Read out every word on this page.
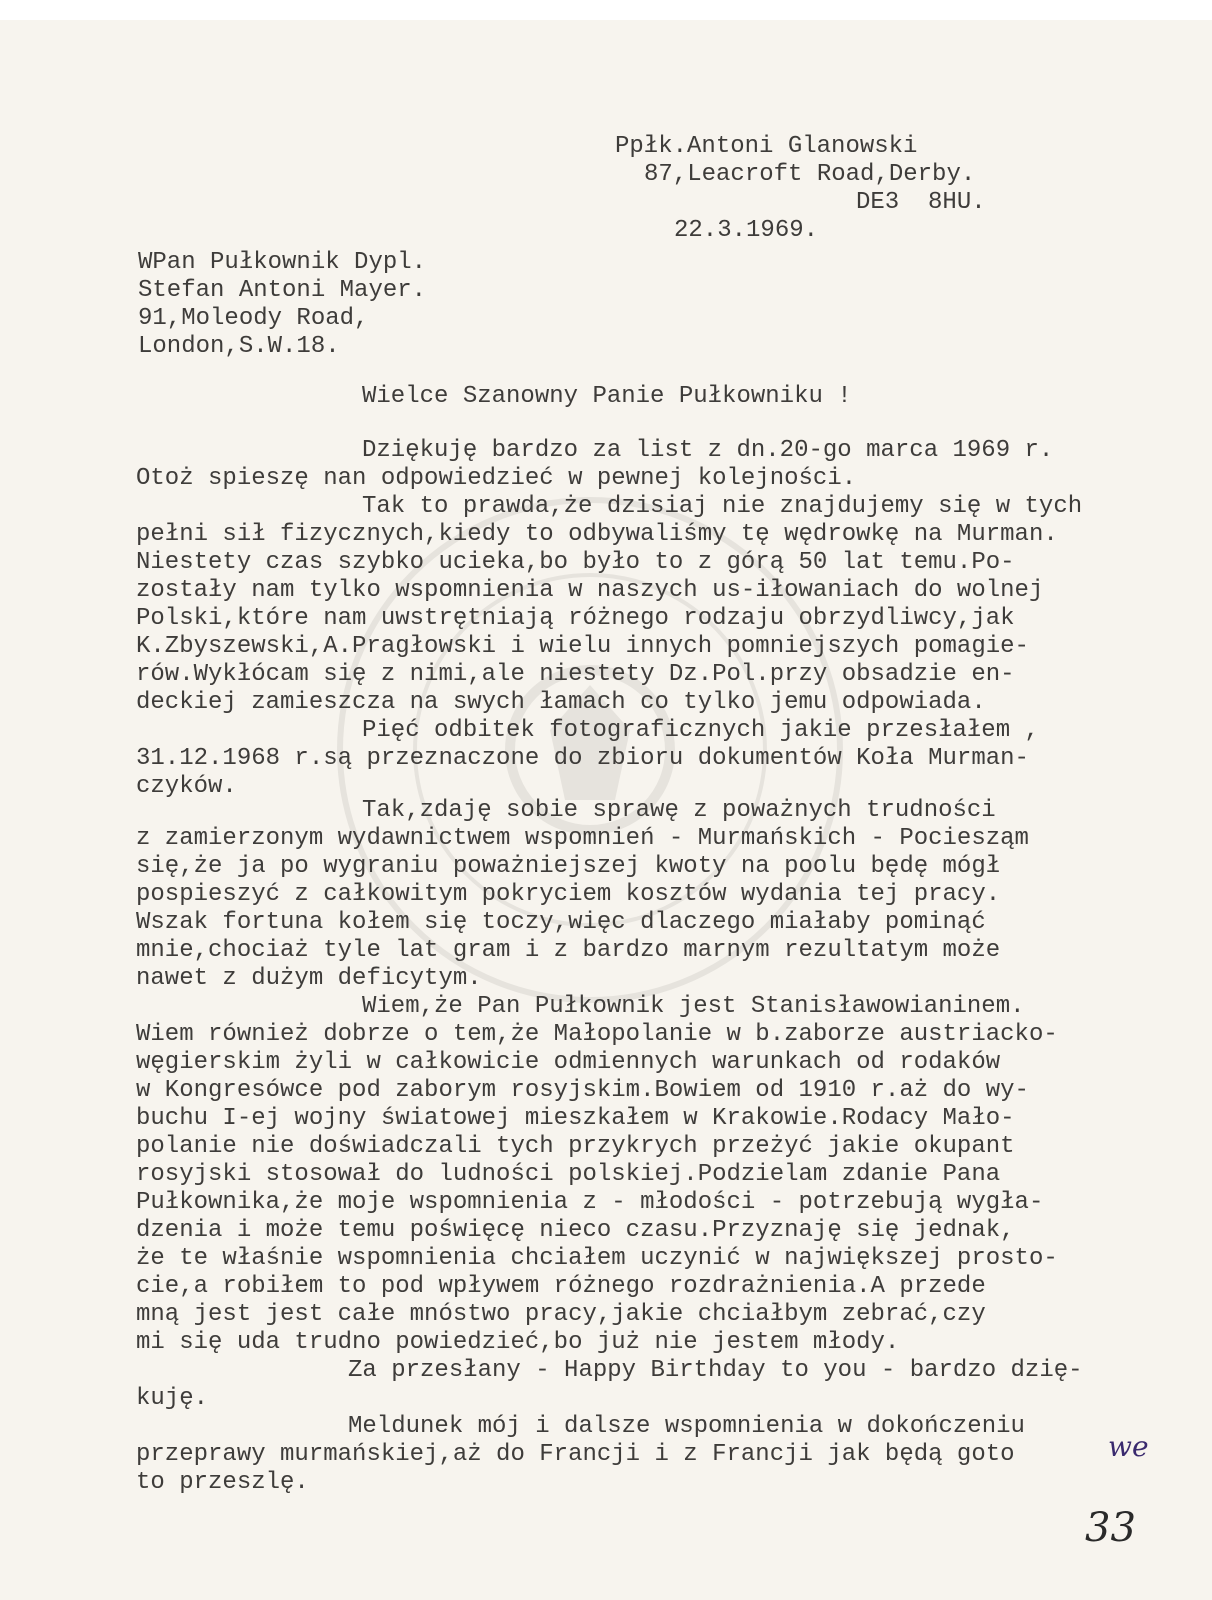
Ppłk.Antoni Glanowski
87,Leacroft Road,Derby.
DE3  8HU.
22.3.1969.
WPan Pułkownik Dypl.
Stefan Antoni Mayer.
91,Moleody Road,
London,S.W.18.
Wielce Szanowny Panie Pułkowniku !
Dziękuję bardzo za list z dn.20-go marca 1969 r.
Otoż spieszę nan odpowiedzieć w pewnej kolejności.
Tak to prawda,że dzisiaj nie znajdujemy się w tych
pełni sił fizycznych,kiedy to odbywaliśmy tę wędrowkę na Murman.
Niestety czas szybko ucieka,bo było to z górą 50 lat temu.Po-
zostały nam tylko wspomnienia w naszych us-iłowaniach do wolnej
Polski,które nam uwstrętniają różnego rodzaju obrzydliwcy,jak
K.Zbyszewski,A.Pragłowski i wielu innych pomniejszych pomagie-
rów.Wykłócam się z nimi,ale niestety Dz.Pol.przy obsadzie en-
deckiej zamieszcza na swych łamach co tylko jemu odpowiada.
Pięć odbitek fotograficznych jakie przesłałem ,
31.12.1968 r.są przeznaczone do zbioru dokumentów Koła Murman-
czyków.
Tak,zdaję sobie sprawę z poważnych trudności
z zamierzonym wydawnictwem wspomnień - Murmańskich - Pociesząm
się,że ja po wygraniu poważniejszej kwoty na poolu będę mógł
pospieszyć z całkowitym pokryciem kosztów wydania tej pracy.
Wszak fortuna kołem się toczy,więc dlaczego miałaby pominąć
mnie,chociaż tyle lat gram i z bardzo marnym rezultatym może
nawet z dużym deficytym.
Wiem,że Pan Pułkownik jest Stanisławowianinem.
Wiem również dobrze o tem,że Małopolanie w b.zaborze austriacko-
węgierskim żyli w całkowicie odmiennych warunkach od rodaków
w Kongresówce pod zaborym rosyjskim.Bowiem od 1910 r.aż do wy-
buchu I-ej wojny światowej mieszkałem w Krakowie.Rodacy Mało-
polanie nie doświadczali tych przykrych przeżyć jakie okupant
rosyjski stosował do ludności polskiej.Podzielam zdanie Pana
Pułkownika,że moje wspomnienia z - młodości - potrzebują wygła-
dzenia i może temu poświęcę nieco czasu.Przyznaję się jednak,
że te właśnie wspomnienia chciałem uczynić w największej prosto-
cie,a robiłem to pod wpływem różnego rozdrażnienia.A przede
mną jest jest całe mnóstwo pracy,jakie chciałbym zebrać,czy
mi się uda trudno powiedzieć,bo już nie jestem młody.
Za przesłany - Happy Birthday to you - bardzo dzię-
kuję.
Meldunek mój i dalsze wspomnienia w dokończeniu
przeprawy murmańskiej,aż do Francji i z Francji jak będą goto
to przeszlę.
we
33
